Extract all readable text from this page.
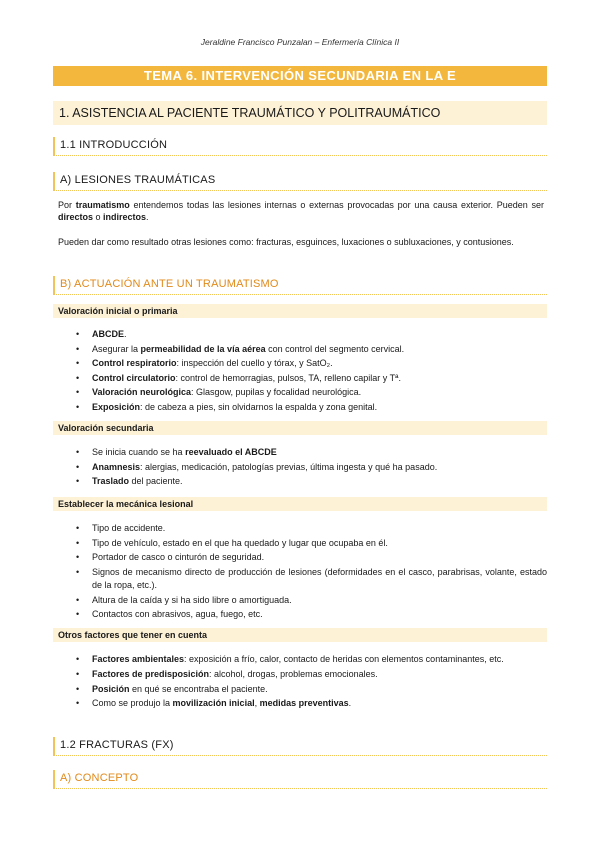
Jeraldine Francisco Punzalan – Enfermería Clínica II
TEMA 6. INTERVENCIÓN SECUNDARIA EN LA E
1. ASISTENCIA AL PACIENTE TRAUMÁTICO Y POLITRAUMÁTICO
1.1 INTRODUCCIÓN
A) LESIONES TRAUMÁTICAS
Por traumatismo entendemos todas las lesiones internas o externas provocadas por una causa exterior. Pueden ser directos o indirectos.
Pueden dar como resultado otras lesiones como: fracturas, esguinces, luxaciones o subluxaciones, y contusiones.
B) ACTUACIÓN ANTE UN TRAUMATISMO
Valoración inicial o primaria
• ABCDE.
• Asegurar la permeabilidad de la vía aérea con control del segmento cervical.
• Control respiratorio: inspección del cuello y tórax, y SatO₂.
• Control circulatorio: control de hemorragias, pulsos, TA, relleno capilar y Tª.
• Valoración neurológica: Glasgow, pupilas y focalidad neurológica.
• Exposición: de cabeza a pies, sin olvidarnos la espalda y zona genital.
Valoración secundaria
• Se inicia cuando se ha reevaluado el ABCDE
• Anamnesis: alergias, medicación, patologías previas, última ingesta y qué ha pasado.
• Traslado del paciente.
Establecer la mecánica lesional
• Tipo de accidente.
• Tipo de vehículo, estado en el que ha quedado y lugar que ocupaba en él.
• Portador de casco o cinturón de seguridad.
• Signos de mecanismo directo de producción de lesiones (deformidades en el casco, parabrisas, volante, estado de la ropa, etc.).
• Altura de la caída y si ha sido libre o amortiguada.
• Contactos con abrasivos, agua, fuego, etc.
Otros factores que tener en cuenta
• Factores ambientales: exposición a frío, calor, contacto de heridas con elementos contaminantes, etc.
• Factores de predisposición: alcohol, drogas, problemas emocionales.
• Posición en qué se encontraba el paciente.
• Como se produjo la movilización inicial, medidas preventivas.
1.2 FRACTURAS (FX)
A) CONCEPTO
